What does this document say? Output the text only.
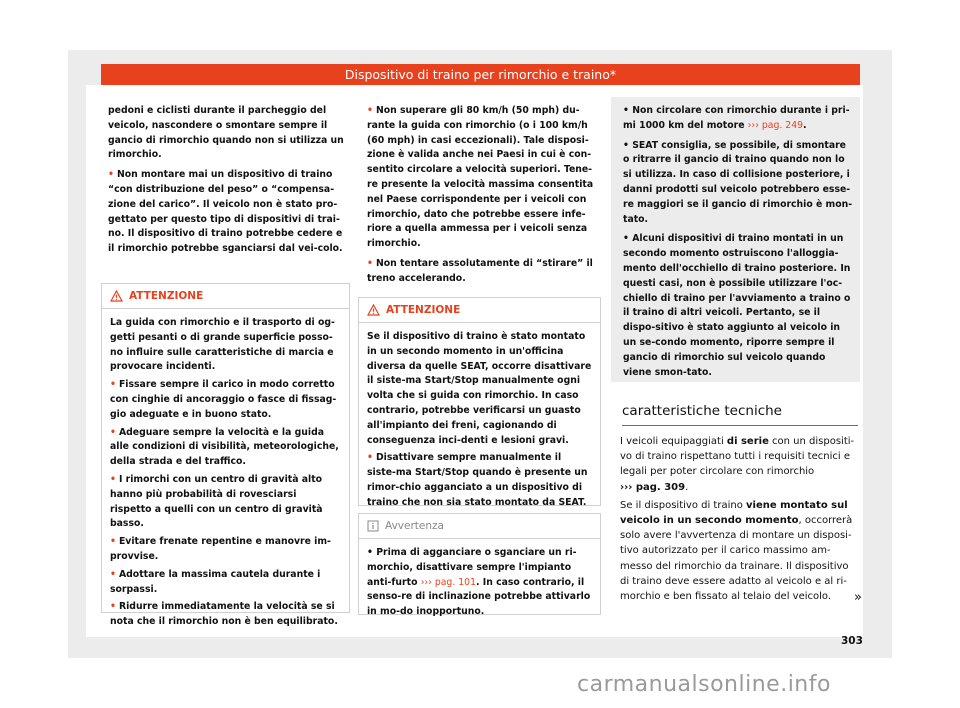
Dispositivo di traino per rimorchio e traino*

pedoni e ciclisti durante il parcheggio del veicolo, nascondere o smontare sempre il gancio di rimorchio quando non si utilizza un rimorchio.

• Non montare mai un dispositivo di traino “con distribuzione del peso” o “compensa-zione del carico”. Il veicolo non è stato pro-gettato per questo tipo di dispositivi di trai-no. Il dispositivo di traino potrebbe cedere e il rimorchio potrebbe sganciarsi dal vei-colo.

ATTENZIONE

La guida con rimorchio e il trasporto di og-getti pesanti o di grande superficie posso-no influire sulle caratteristiche di marcia e provocare incidenti.

• Fissare sempre il carico in modo corretto con cinghie di ancoraggio o fasce di fissag-gio adeguate e in buono stato.

• Adeguare sempre la velocità e la guida alle condizioni di visibilità, meteorologiche, della strada e del traffico.

• I rimorchi con un centro di gravità alto hanno più probabilità di rovesciarsi rispetto a quelli con un centro di gravità basso.

• Evitare frenate repentine e manovre im-provvise.

• Adottare la massima cautela durante i sorpassi.

• Ridurre immediatamente la velocità se si nota che il rimorchio non è ben equilibrato.

• Non superare gli 80 km/h (50 mph) du-rante la guida con rimorchio (o i 100 km/h (60 mph) in casi eccezionali). Tale disposi-zione è valida anche nei Paesi in cui è con-sentito circolare a velocità superiori. Tene-re presente la velocità massima consentita nel Paese corrispondente per i veicoli con rimorchio, dato che potrebbe essere infe-riore a quella ammessa per i veicoli senza rimorchio.

• Non tentare assolutamente di “stirare” il treno accelerando.

ATTENZIONE

Se il dispositivo di traino è stato montato in un secondo momento in un'officina diversa da quelle SEAT, occorre disattivare il siste-ma Start/Stop manualmente ogni volta che si guida con rimorchio. In caso contrario, potrebbe verificarsi un guasto all'impianto dei freni, cagionando di conseguenza inci-denti e lesioni gravi.

• Disattivare sempre manualmente il siste-ma Start/Stop quando è presente un rimor-chio agganciato a un dispositivo di traino che non sia stato montato da SEAT.

Avvertenza

• Prima di agganciare o sganciare un ri-morchio, disattivare sempre l'impianto anti-furto ››› pag. 101. In caso contrario, il senso-re di inclinazione potrebbe attivarlo in mo-do inopportuno.

• Non circolare con rimorchio durante i pri-mi 1000 km del motore ››› pag. 249.

• SEAT consiglia, se possibile, di smontare o ritrarre il gancio di traino quando non lo si utilizza. In caso di collisione posteriore, i danni prodotti sul veicolo potrebbero esse-re maggiori se il gancio di rimorchio è mon-tato.

• Alcuni dispositivi di traino montati in un secondo momento ostruiscono l'alloggia-mento dell'occhiello di traino posteriore. In questi casi, non è possibile utilizzare l'oc-chiello di traino per l'avviamento a traino o il traino di altri veicoli. Pertanto, se il dispo-sitivo è stato aggiunto al veicolo in un se-condo momento, riporre sempre il gancio di rimorchio sul veicolo quando viene smon-tato.

caratteristiche tecniche

I veicoli equipaggiati di serie con un dispositi-vo di traino rispettano tutti i requisiti tecnici e legali per poter circolare con rimorchio
››› pag. 309.

Se il dispositivo di traino viene montato sul veicolo in un secondo momento, occorrerà solo avere l'avvertenza di montare un disposi-tivo autorizzato per il carico massimo am-messo del rimorchio da trainare. Il dispositivo di traino deve essere adatto al veicolo e al ri-morchio e ben fissato al telaio del veicolo.	»
303
carmanualsonline.info
